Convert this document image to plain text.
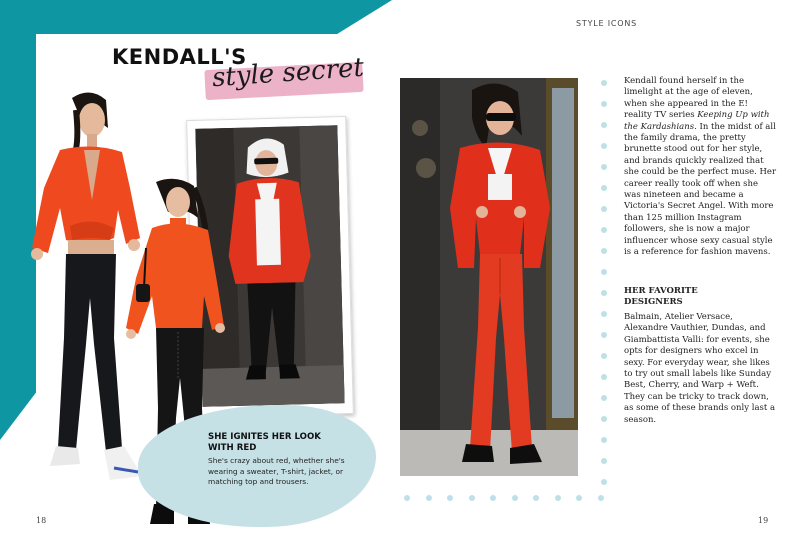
KENDALL'S
style secret
SHE IGNITES HER LOOK
WITH RED
She's crazy about red, whether she's wearing a sweater, T-shirt, jacket, or matching top and trousers.
18
STYLE ICONS
Kendall found herself in the limelight at the age of eleven, when she appeared in the E! reality TV series Keeping Up with the Kardashians. In the midst of all the family drama, the pretty brunette stood out for her style, and brands quickly realized that she could be the perfect muse. Her career really took off when she was nineteen and became a Victoria's Secret Angel. With more than 125 million Instagram followers, she is now a major influencer whose sexy casual style is a reference for fashion mavens.
HER FAVORITE
DESIGNERS
Balmain, Atelier Versace, Alexandre Vauthier, Dundas, and Giambattista Valli: for events, she opts for designers who excel in sexy. For everyday wear, she likes to try out small labels like Sunday Best, Cherry, and Warp + Weft. They can be tricky to track down, as some of these brands only last a season.
19
